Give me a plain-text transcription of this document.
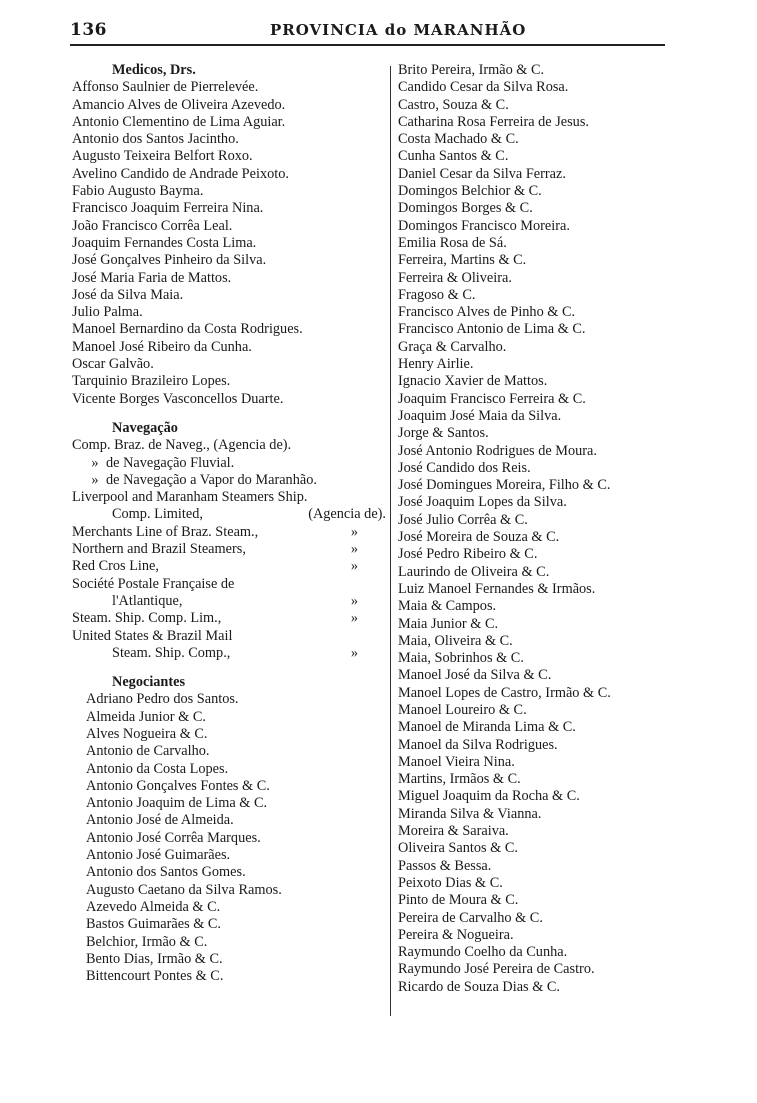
136	PROVINCIA do MARANHÃO
Medicos, Drs.
Affonso Saulnier de Pierrelevée.
Amancio Alves de Oliveira Azevedo.
Antonio Clementino de Lima Aguiar.
Antonio dos Santos Jacintho.
Augusto Teixeira Belfort Roxo.
Avelino Candido de Andrade Peixoto.
Fabio Augusto Bayma.
Francisco Joaquim Ferreira Nina.
João Francisco Corrêa Leal.
Joaquim Fernandes Costa Lima.
José Gonçalves Pinheiro da Silva.
José Maria Faria de Mattos.
José da Silva Maia.
Julio Palma.
Manoel Bernardino da Costa Rodrigues.
Manoel José Ribeiro da Cunha.
Oscar Galvão.
Tarquinio Brazileiro Lopes.
Vicente Borges Vasconcellos Duarte.
Navegação
Comp. Braz. de Naveg., (Agencia de).
» de Navegação Fluvial.
» de Navegação a Vapor do Maranhão.
Liverpool and Maranham Steamers Ship.
Comp. Limited,	(Agencia de).
Merchants Line of Braz. Steam.,	»
Northern and Brazil Steamers,	»
Red Cros Line,	»
Société Postale Française de
l'Atlantique,	»
Steam. Ship. Comp. Lim.,	»
United States & Brazil Mail
Steam. Ship. Comp.,	»
Negociantes
Adriano Pedro dos Santos.
Almeida Junior & C.
Alves Nogueira & C.
Antonio de Carvalho.
Antonio da Costa Lopes.
Antonio Gonçalves Fontes & C.
Antonio Joaquim de Lima & C.
Antonio José de Almeida.
Antonio José Corrêa Marques.
Antonio José Guimarães.
Antonio dos Santos Gomes.
Augusto Caetano da Silva Ramos.
Azevedo Almeida & C.
Bastos Guimarães & C.
Belchior, Irmão & C.
Bento Dias, Irmão & C.
Bittencourt Pontes & C.
Brito Pereira, Irmão & C.
Candido Cesar da Silva Rosa.
Castro, Souza & C.
Catharina Rosa Ferreira de Jesus.
Costa Machado & C.
Cunha Santos & C.
Daniel Cesar da Silva Ferraz.
Domingos Belchior & C.
Domingos Borges & C.
Domingos Francisco Moreira.
Emilia Rosa de Sá.
Ferreira, Martins & C.
Ferreira & Oliveira.
Fragoso & C.
Francisco Alves de Pinho & C.
Francisco Antonio de Lima & C.
Graça & Carvalho.
Henry Airlie.
Ignacio Xavier de Mattos.
Joaquim Francisco Ferreira & C.
Joaquim José Maia da Silva.
Jorge & Santos.
José Antonio Rodrigues de Moura.
José Candido dos Reis.
José Domingues Moreira, Filho & C.
José Joaquim Lopes da Silva.
José Julio Corrêa & C.
José Moreira de Souza & C.
José Pedro Ribeiro & C.
Laurindo de Oliveira & C.
Luiz Manoel Fernandes & Irmãos.
Maia & Campos.
Maia Junior & C.
Maia, Oliveira & C.
Maia, Sobrinhos & C.
Manoel José da Silva & C.
Manoel Lopes de Castro, Irmão & C.
Manoel Loureiro & C.
Manoel de Miranda Lima & C.
Manoel da Silva Rodrigues.
Manoel Vieira Nina.
Martins, Irmãos & C.
Miguel Joaquim da Rocha & C.
Miranda Silva & Vianna.
Moreira & Saraiva.
Oliveira Santos & C.
Passos & Bessa.
Peixoto Dias & C.
Pinto de Moura & C.
Pereira de Carvalho & C.
Pereira & Nogueira.
Raymundo Coelho da Cunha.
Raymundo José Pereira de Castro.
Ricardo de Souza Dias & C.
